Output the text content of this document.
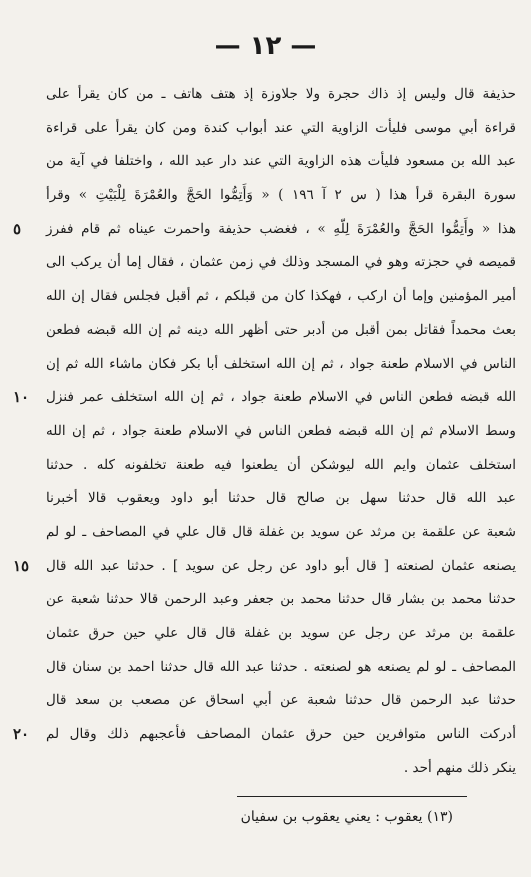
— ١٢ —
حذيفة قال وليس إذ ذاك حجرة ولا جلاوزة إذ هتف هاتف ـ من كان يقرأ على
قراءة أبي موسى فليأت الزاوية التي عند أبواب كندة ومن كان يقرأ على قراءة
عبد الله بن مسعود فليأت هذه الزاوية التي عند دار عبد الله ، واختلفا في آية من
سورة البقرة قرأ هذا ( س ٢ آ ١٩٦ ) « وَأَتِمُّوا الحَجَّ والعُمْرَةَ لِلْبَيْتِ » وقرأ
هذا « وأَتِمُّوا الحَجَّ والعُمْرَةَ لِلّهِ » ، فغضب حذيفة واحمرت عيناه ثم قام ففرز
٥
قميصه في حجزته وهو في المسجد وذلك في زمن عثمان ، فقال إما أن يركب الى
أمير المؤمنين وإما أن اركب ، فهكذا كان من قبلكم ، ثم أقبل فجلس فقال إن الله
بعث محمداً فقاتل بمن أقبل من أدبر حتى أظهر الله دينه ثم إن الله قبضه فطعن
الناس في الاسلام طعنة جواد ، ثم إن الله استخلف أبا بكر فكان ماشاء الله ثم إن
الله قبضه فطعن الناس في الاسلام طعنة جواد ، ثم إن الله استخلف عمر فنزل
١٠
وسط الاسلام ثم إن الله قبضه فطعن الناس في الاسلام طعنة جواد ، ثم إن الله
استخلف عثمان وايم الله ليوشكن أن يطعنوا فيه طعنة تخلفونه كله . حدثنا
عبد الله قال حدثنا سهل بن صالح قال حدثنا أبو داود ويعقوب قالا أخبرنا
شعبة عن علقمة بن مرثد عن سويد بن غفلة قال قال علي في المصاحف ـ لو لم
يصنعه عثمان لصنعته [ قال أبو داود عن رجل عن سويد ] . حدثنا عبد الله قال
١٥
حدثنا محمد بن بشار قال حدثنا محمد بن جعفر وعبد الرحمن قالا حدثنا شعبة عن
علقمة بن مرثد عن رجل عن سويد بن غفلة قال قال علي حين حرق عثمان
المصاحف ـ لو لم يصنعه هو لصنعته . حدثنا عبد الله قال حدثنا احمد بن سنان قال
حدثنا عبد الرحمن قال حدثنا شعبة عن أبي اسحاق عن مصعب بن سعد قال
أدركت الناس متوافرين حين حرق عثمان المصاحف فأعجبهم ذلك وقال لم
٢٠
ينكر ذلك منهم أحد .
(١٣) يعقوب : يعني يعقوب بن سفيان
